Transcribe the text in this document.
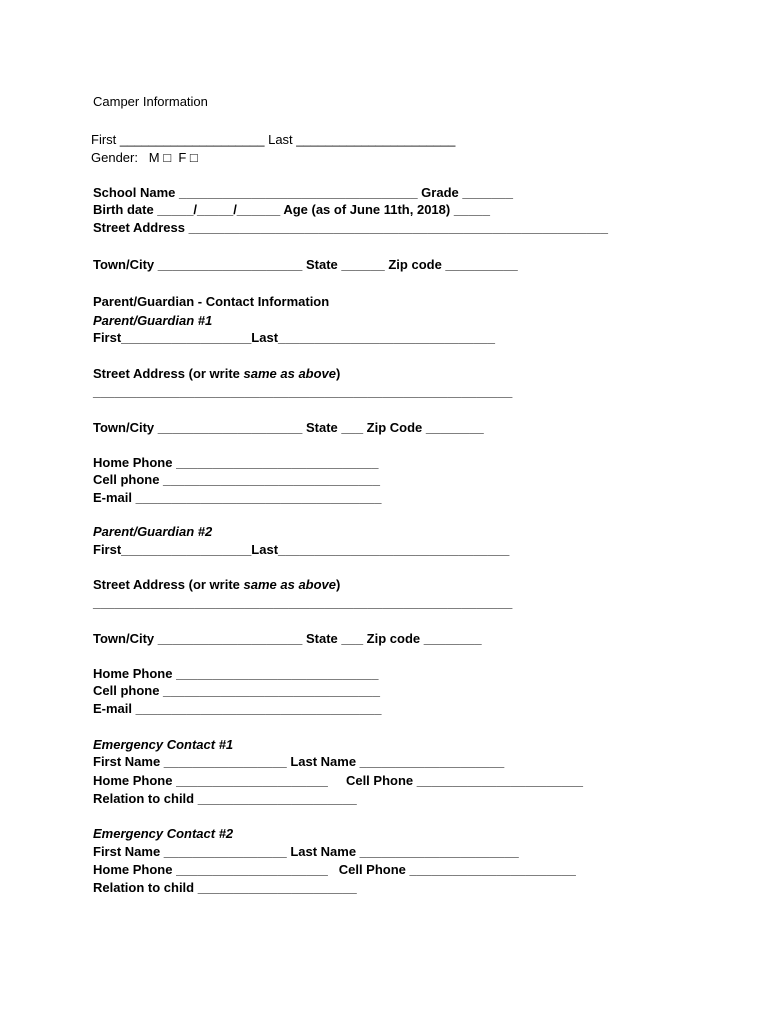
Camper Information
First ____________________ Last ______________________
Gender:   M □  F □
School Name _________________________________ Grade _______
Birth date _____/_____/______ Age (as of June 11th, 2018) _____
Street Address __________________________________________________________
Town/City ____________________ State ______ Zip code __________
Parent/Guardian - Contact Information
Parent/Guardian #1
First__________________Last______________________________
Street Address (or write same as above)
__________________________________________________________
Town/City ____________________ State ___ Zip Code ________
Home Phone ____________________________
Cell phone ______________________________
E-mail __________________________________
Parent/Guardian #2
First__________________Last________________________________
Street Address (or write same as above)
__________________________________________________________
Town/City ____________________ State ___ Zip code ________
Home Phone ____________________________
Cell phone ______________________________
E-mail __________________________________
Emergency Contact #1
First Name _________________ Last Name ____________________
Home Phone _____________________     Cell Phone _______________________
Relation to child ______________________
Emergency Contact #2
First Name _________________ Last Name ______________________
Home Phone _____________________   Cell Phone _______________________
Relation to child ______________________
